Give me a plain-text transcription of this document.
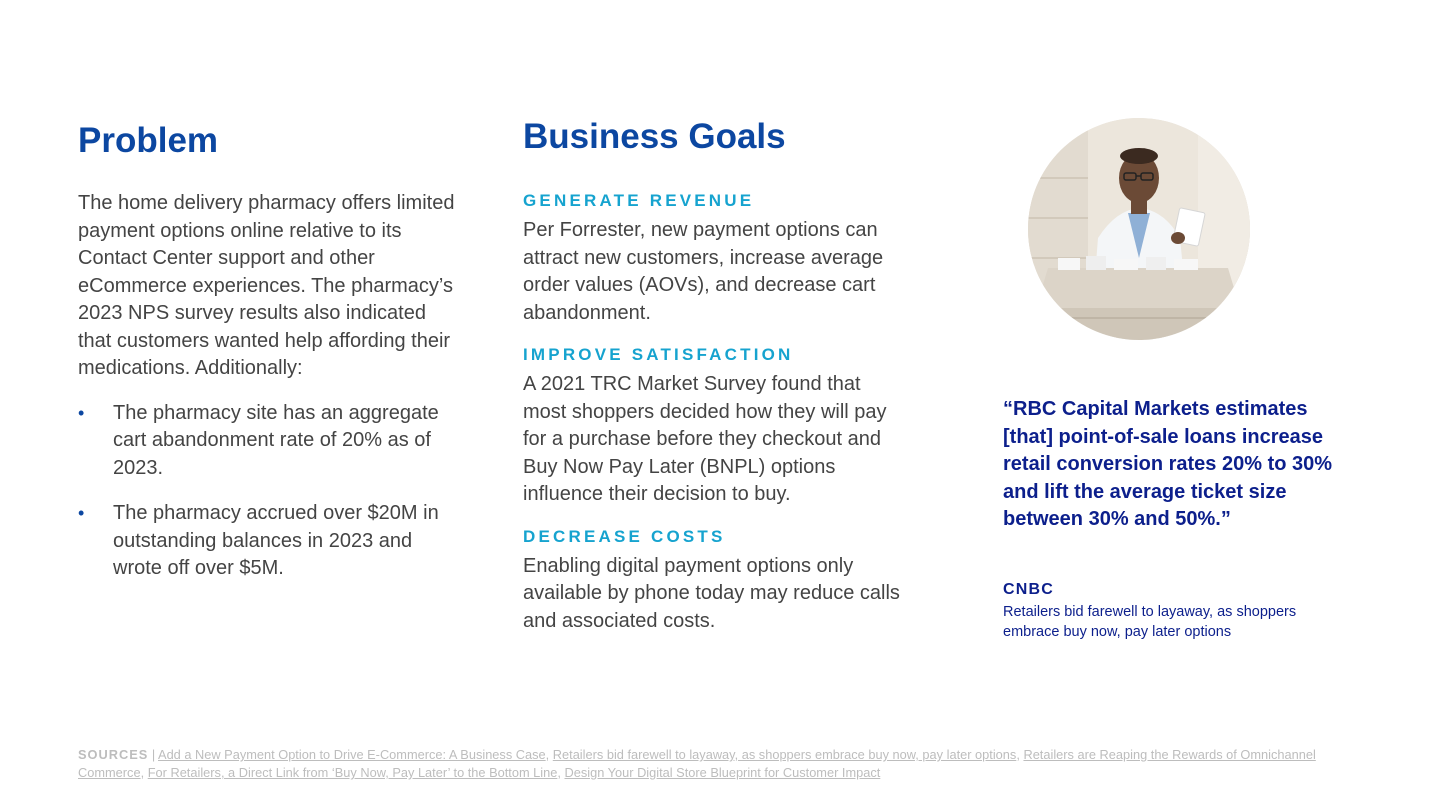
Problem

The home delivery pharmacy offers limited payment options online relative to its Contact Center support and other eCommerce experiences. The pharmacy’s 2023 NPS survey results also indicated that customers wanted help affording their medications. Additionally:

• The pharmacy site has an aggregate cart abandonment rate of 20% as of 2023.
• The pharmacy accrued over $20M in outstanding balances in 2023 and wrote off over $5M.
Business Goals

GENERATE REVENUE

Per Forrester, new payment options can attract new customers, increase average order values (AOVs), and decrease cart abandonment.

IMPROVE SATISFACTION

A 2021 TRC Market Survey found that most shoppers decided how they will pay for a purchase before they checkout and Buy Now Pay Later (BNPL) options influence their decision to buy.

DECREASE COSTS

Enabling digital payment options only available by phone today may reduce calls and associated costs.

“RBC Capital Markets estimates [that] point-of-sale loans increase retail conversion rates 20% to 30% and lift the average ticket size between 30% and 50%.”

CNBC

Retailers bid farewell to layaway, as shoppers embrace buy now, pay later options

SOURCES | Add a New Payment Option to Drive E-Commerce: A Business Case, Retailers bid farewell to layaway, as shoppers embrace buy now, pay later options, Retailers are Reaping the Rewards of Omnichannel Commerce, For Retailers, a Direct Link from ‘Buy Now, Pay Later’ to the Bottom Line, Design Your Digital Store Blueprint for Customer Impact
